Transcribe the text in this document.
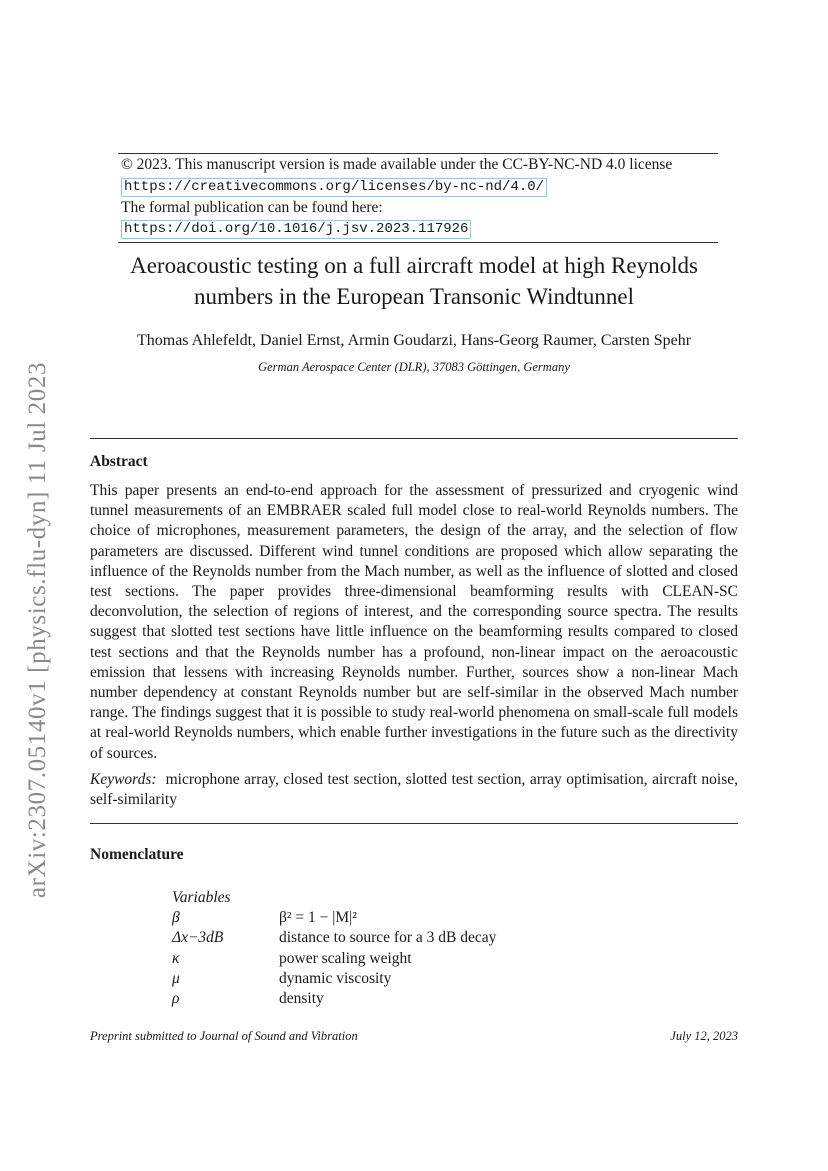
arXiv:2307.05140v1 [physics.flu-dyn] 11 Jul 2023
© 2023. This manuscript version is made available under the CC-BY-NC-ND 4.0 license
https://creativecommons.org/licenses/by-nc-nd/4.0/
The formal publication can be found here:
https://doi.org/10.1016/j.jsv.2023.117926
Aeroacoustic testing on a full aircraft model at high Reynolds
numbers in the European Transonic Windtunnel
Thomas Ahlefeldt, Daniel Ernst, Armin Goudarzi, Hans-Georg Raumer, Carsten Spehr
German Aerospace Center (DLR), 37083 Göttingen, Germany
Abstract
This paper presents an end-to-end approach for the assessment of pressurized and cryogenic wind tunnel measurements of an EMBRAER scaled full model close to real-world Reynolds numbers. The choice of microphones, measurement parameters, the design of the array, and the selection of flow parameters are discussed. Different wind tunnel conditions are proposed which allow separating the influence of the Reynolds number from the Mach number, as well as the influence of slotted and closed test sections. The paper provides three-dimensional beamforming results with CLEAN-SC deconvolution, the selection of regions of interest, and the corresponding source spectra. The results suggest that slotted test sections have little influence on the beamforming results compared to closed test sections and that the Reynolds number has a profound, non-linear impact on the aeroacoustic emission that lessens with increasing Reynolds number. Further, sources show a non-linear Mach number dependency at constant Reynolds number but are self-similar in the observed Mach number range. The findings suggest that it is possible to study real-world phenomena on small-scale full models at real-world Reynolds numbers, which enable further investigations in the future such as the directivity of sources.
Keywords: microphone array, closed test section, slotted test section, array optimisation, aircraft noise, self-similarity
Nomenclature
Variables
β	β² = 1 − |M|²
Δx−3dB	distance to source for a 3 dB decay
κ	power scaling weight
μ	dynamic viscosity
ρ	density
Preprint submitted to Journal of Sound and Vibration	July 12, 2023
